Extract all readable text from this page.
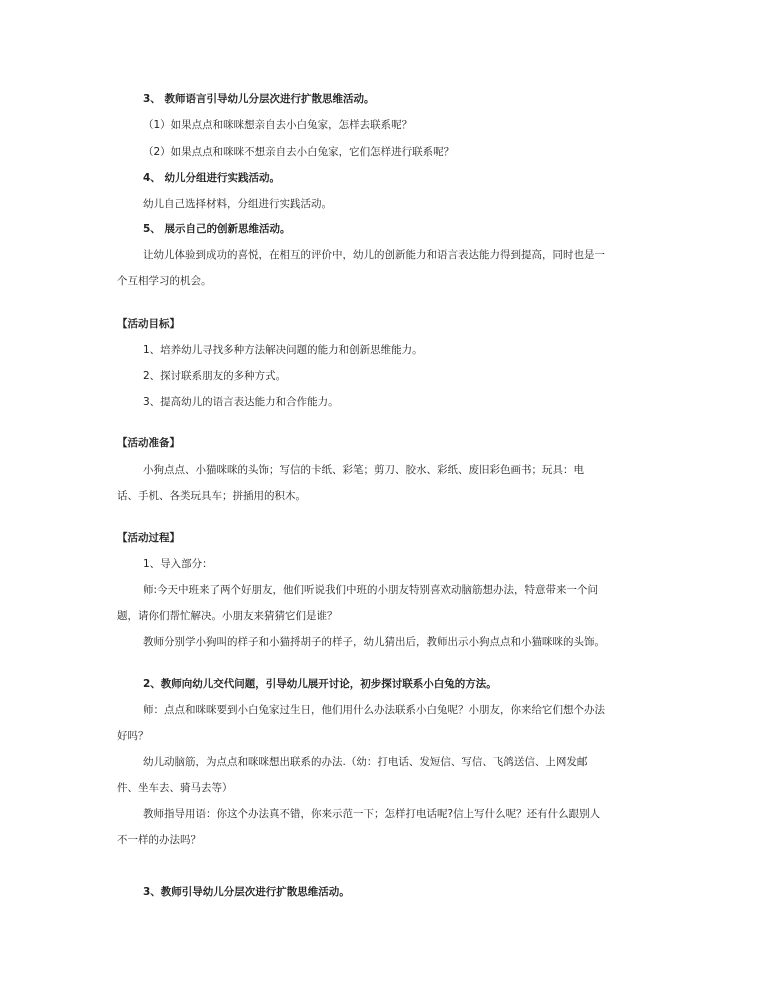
3、 教师语言引导幼儿分层次进行扩散思维活动。
（1）如果点点和咪咪想亲自去小白兔家，怎样去联系呢？
（2）如果点点和咪咪不想亲自去小白兔家，它们怎样进行联系呢？
4、 幼儿分组进行实践活动。
幼儿自己选择材料，分组进行实践活动。
5、 展示自己的创新思维活动。
让幼儿体验到成功的喜悦，在相互的评价中，幼儿的创新能力和语言表达能力得到提高，同时也是一
个互相学习的机会。
【活动目标】
1、培养幼儿寻找多种方法解决问题的能力和创新思维能力。
2、探讨联系朋友的多种方式。
3、提高幼儿的语言表达能力和合作能力。
【活动准备】
小狗点点、小猫咪咪的头饰；写信的卡纸、彩笔；剪刀、胶水、彩纸、废旧彩色画书；玩具：电
话、手机、各类玩具车；拼插用的积木。
【活动过程】
1、导入部分：
师:今天中班来了两个好朋友，他们听说我们中班的小朋友特别喜欢动脑筋想办法，特意带来一个问
题，请你们帮忙解决。小朋友来猜猜它们是谁？
教师分别学小狗叫的样子和小猫捋胡子的样子，幼儿猜出后，教师出示小狗点点和小猫咪咪的头饰。
2、教师向幼儿交代问题，引导幼儿展开讨论，初步探讨联系小白兔的方法。
师：点点和咪咪要到小白兔家过生日，他们用什么办法联系小白兔呢？小朋友，你来给它们想个办法
好吗？
幼儿动脑筋，为点点和咪咪想出联系的办法.（幼：打电话、发短信、写信、飞鸽送信、上网发邮
件、坐车去、骑马去等）
教师指导用语：你这个办法真不错，你来示范一下；怎样打电话呢?信上写什么呢？还有什么跟别人
不一样的办法吗？
3、教师引导幼儿分层次进行扩散思维活动。
